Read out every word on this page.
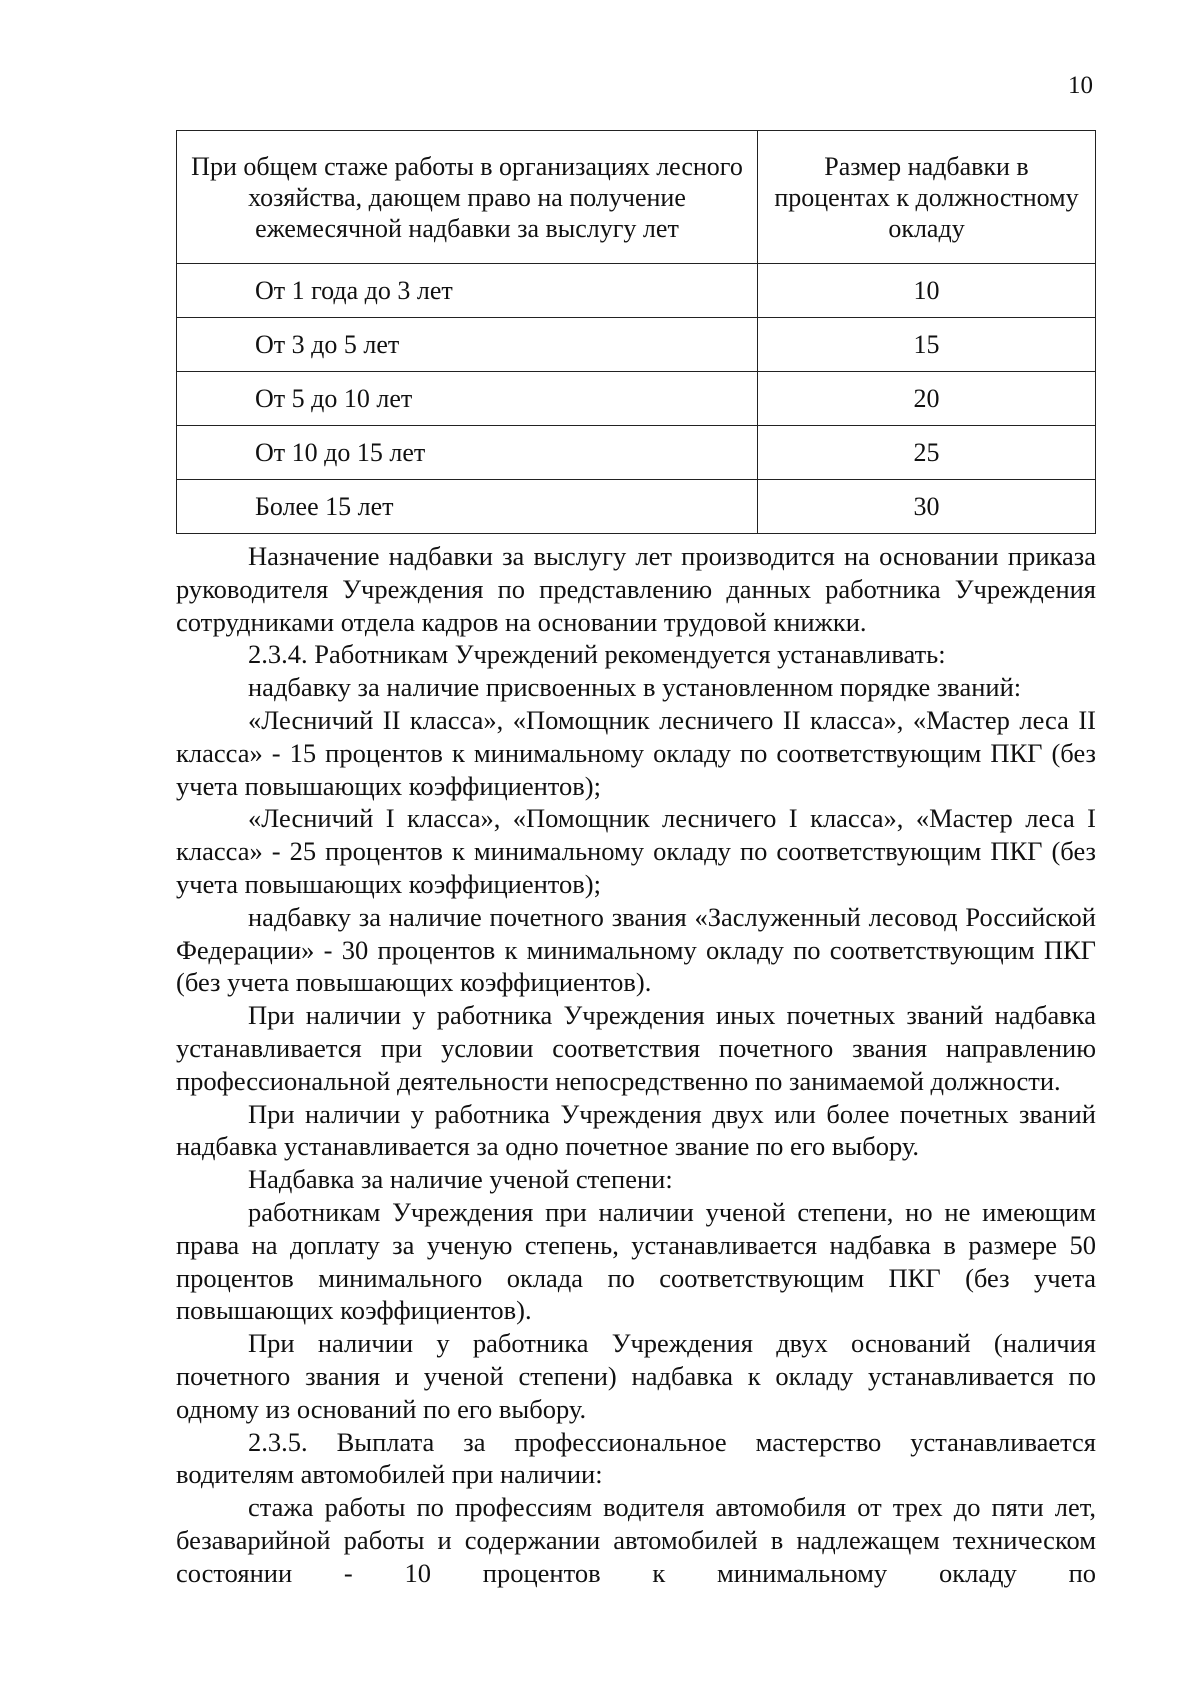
10
При общем стаже работы в организациях лесного хозяйства, дающем право на получение ежемесячной надбавки за выслугу лет	Размер надбавки в процентах к должностному окладу
От 1 года до 3 лет	10
От 3 до 5 лет	15
От 5 до 10 лет	20
От 10 до 15 лет	25
Более 15 лет	30

Назначение надбавки за выслугу лет производится на основании приказа руководителя Учреждения по представлению данных работника Учреждения сотрудниками отдела кадров на основании трудовой книжки.

2.3.4. Работникам Учреждений рекомендуется устанавливать:

надбавку за наличие присвоенных в установленном порядке званий:

«Лесничий II класса», «Помощник лесничего II класса», «Мастер леса II класса» - 15 процентов к минимальному окладу по соответствующим ПКГ (без учета повышающих коэффициентов);

«Лесничий I класса», «Помощник лесничего I класса», «Мастер леса I класса» - 25 процентов к минимальному окладу по соответствующим ПКГ (без учета повышающих коэффициентов);

надбавку за наличие почетного звания «Заслуженный лесовод Российской Федерации» - 30 процентов к минимальному окладу по соответствующим ПКГ (без учета повышающих коэффициентов).

При наличии у работника Учреждения иных почетных званий надбавка устанавливается при условии соответствия почетного звания направлению профессиональной деятельности непосредственно по занимаемой должности.

При наличии у работника Учреждения двух или более почетных званий надбавка устанавливается за одно почетное звание по его выбору.

Надбавка за наличие ученой степени:

работникам Учреждения при наличии ученой степени, но не имеющим права на доплату за ученую степень, устанавливается надбавка в размере 50 процентов минимального оклада по соответствующим ПКГ (без учета повышающих коэффициентов).

При наличии у работника Учреждения двух оснований (наличия почетного звания и ученой степени) надбавка к окладу устанавливается по одному из оснований по его выбору.

2.3.5. Выплата за профессиональное мастерство устанавливается водителям автомобилей при наличии:

стажа работы по профессиям водителя автомобиля от трех до пяти лет, безаварийной работы и содержании автомобилей в надлежащем техническом состоянии - 10 процентов к минимальному окладу по
